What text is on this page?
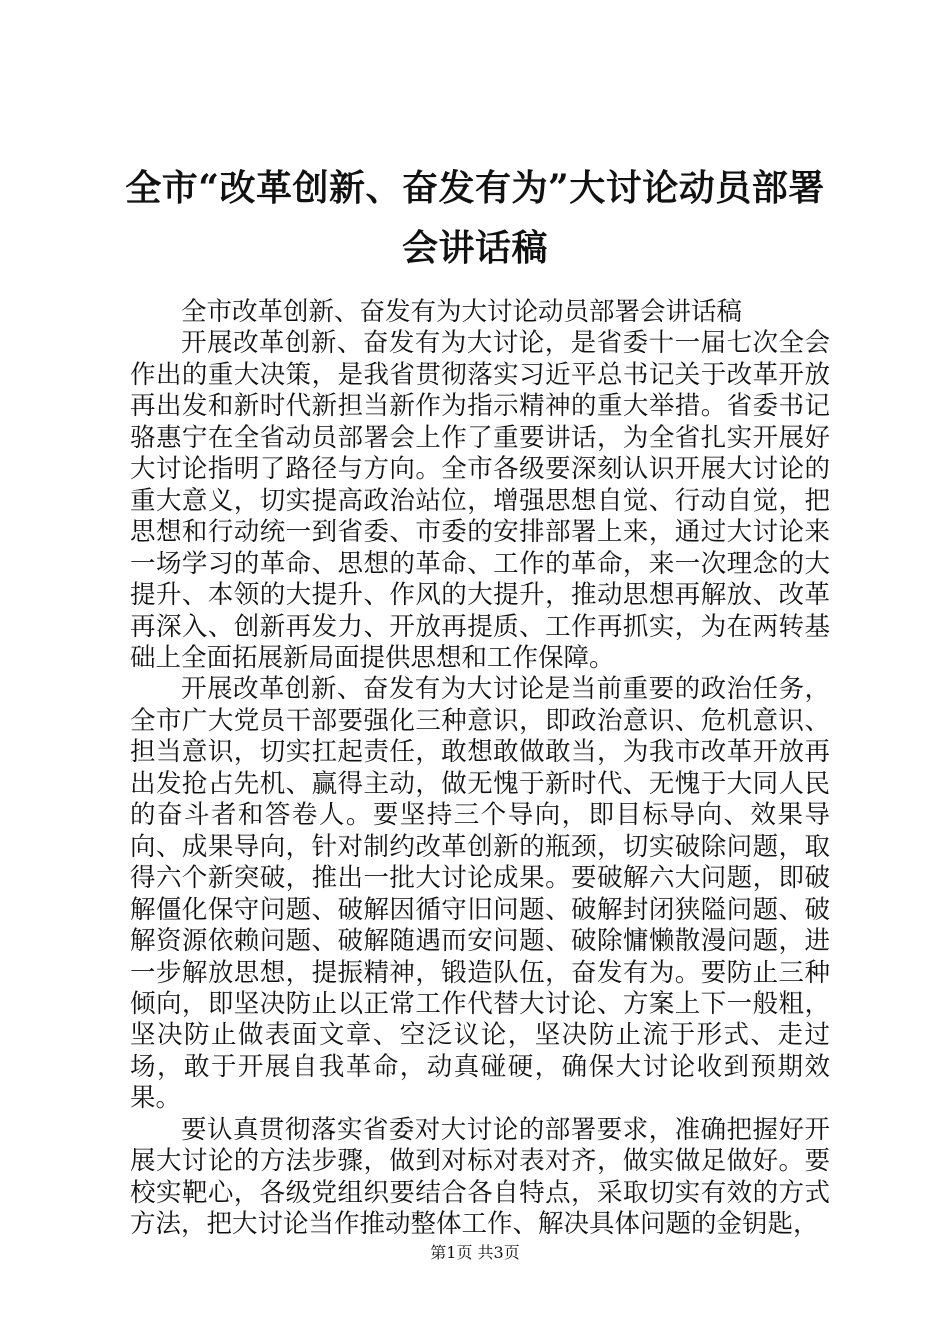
全市“改革创新、奋发有为”大讨论动员部署
会讲话稿

全市改革创新、奋发有为大讨论动员部署会讲话稿

开展改革创新、奋发有为大讨论，是省委十一届七次全会作出的重大决策，是我省贯彻落实习近平总书记关于改革开放再出发和新时代新担当新作为指示精神的重大举措。省委书记骆惠宁在全省动员部署会上作了重要讲话，为全省扎实开展好大讨论指明了路径与方向。全市各级要深刻认识开展大讨论的重大意义，切实提高政治站位，增强思想自觉、行动自觉，把思想和行动统一到省委、市委的安排部署上来，通过大讨论来一场学习的革命、思想的革命、工作的革命，来一次理念的大提升、本领的大提升、作风的大提升，推动思想再解放、改革再深入、创新再发力、开放再提质、工作再抓实，为在两转基础上全面拓展新局面提供思想和工作保障。

开展改革创新、奋发有为大讨论是当前重要的政治任务，全市广大党员干部要强化三种意识，即政治意识、危机意识、担当意识，切实扛起责任，敢想敢做敢当，为我市改革开放再出发抢占先机、赢得主动，做无愧于新时代、无愧于大同人民的奋斗者和答卷人。要坚持三个导向，即目标导向、效果导向、成果导向，针对制约改革创新的瓶颈，切实破除问题，取得六个新突破，推出一批大讨论成果。要破解六大问题，即破解僵化保守问题、破解因循守旧问题、破解封闭狭隘问题、破解资源依赖问题、破解随遇而安问题、破除慵懒散漫问题，进一步解放思想，提振精神，锻造队伍，奋发有为。要防止三种倾向，即坚决防止以正常工作代替大讨论、方案上下一般粗，坚决防止做表面文章、空泛议论，坚决防止流于形式、走过场，敢于开展自我革命，动真碰硬，确保大讨论收到预期效果。

要认真贯彻落实省委对大讨论的部署要求，准确把握好开展大讨论的方法步骤，做到对标对表对齐，做实做足做好。要校实靶心，各级党组织要结合各自特点，采取切实有效的方式方法，把大讨论当作推动整体工作、解决具体问题的金钥匙，

第1页 共3页
